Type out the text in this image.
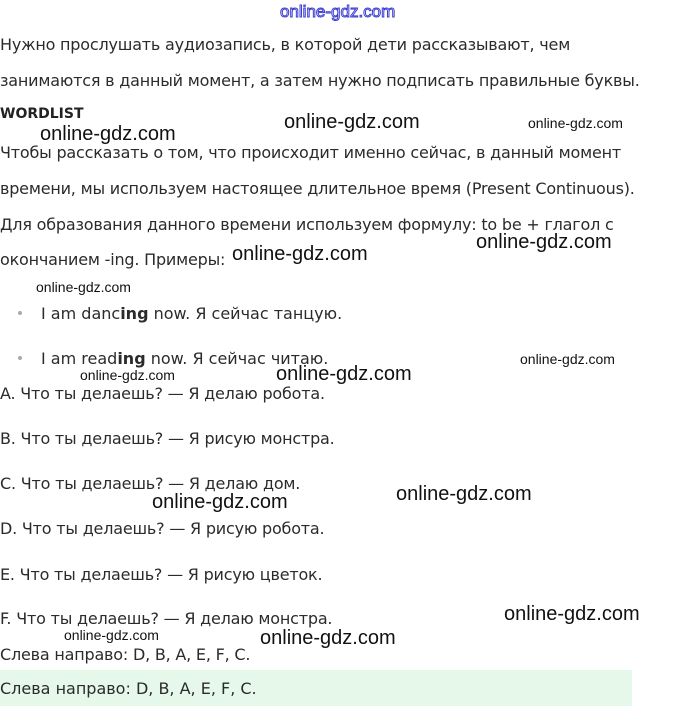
online-gdz.com
Нужно прослушать аудиозапись, в которой дети рассказывают, чем
занимаются в данный момент, а затем нужно подписать правильные буквы.
WORDLIST
Чтобы рассказать о том, что происходит именно сейчас, в данный момент
времени, мы используем настоящее длительное время (Present Continuous).
Для образования данного времени используем формулу: to be + глагол с
окончанием -ing. Примеры:
I am dancing now. Я сейчас танцую.
I am reading now. Я сейчас читаю.
A. Что ты делаешь? — Я делаю робота.
B. Что ты делаешь? — Я рисую монстра.
C. Что ты делаешь? — Я делаю дом.
D. Что ты делаешь? — Я рисую робота.
E. Что ты делаешь? — Я рисую цветок.
F. Что ты делаешь? — Я делаю монстра.
Слева направо: D, B, A, E, F, C.
Слева направо: D, B, A, E, F, C.
online-gdz.com
online-gdz.com	online-gdz.com
online-gdz.com
online-gdz.com
online-gdz.com
online-gdz.com
online-gdz.com	online-gdz.com
online-gdz.com
online-gdz.com
online-gdz.com
online-gdz.com	online-gdz.com
